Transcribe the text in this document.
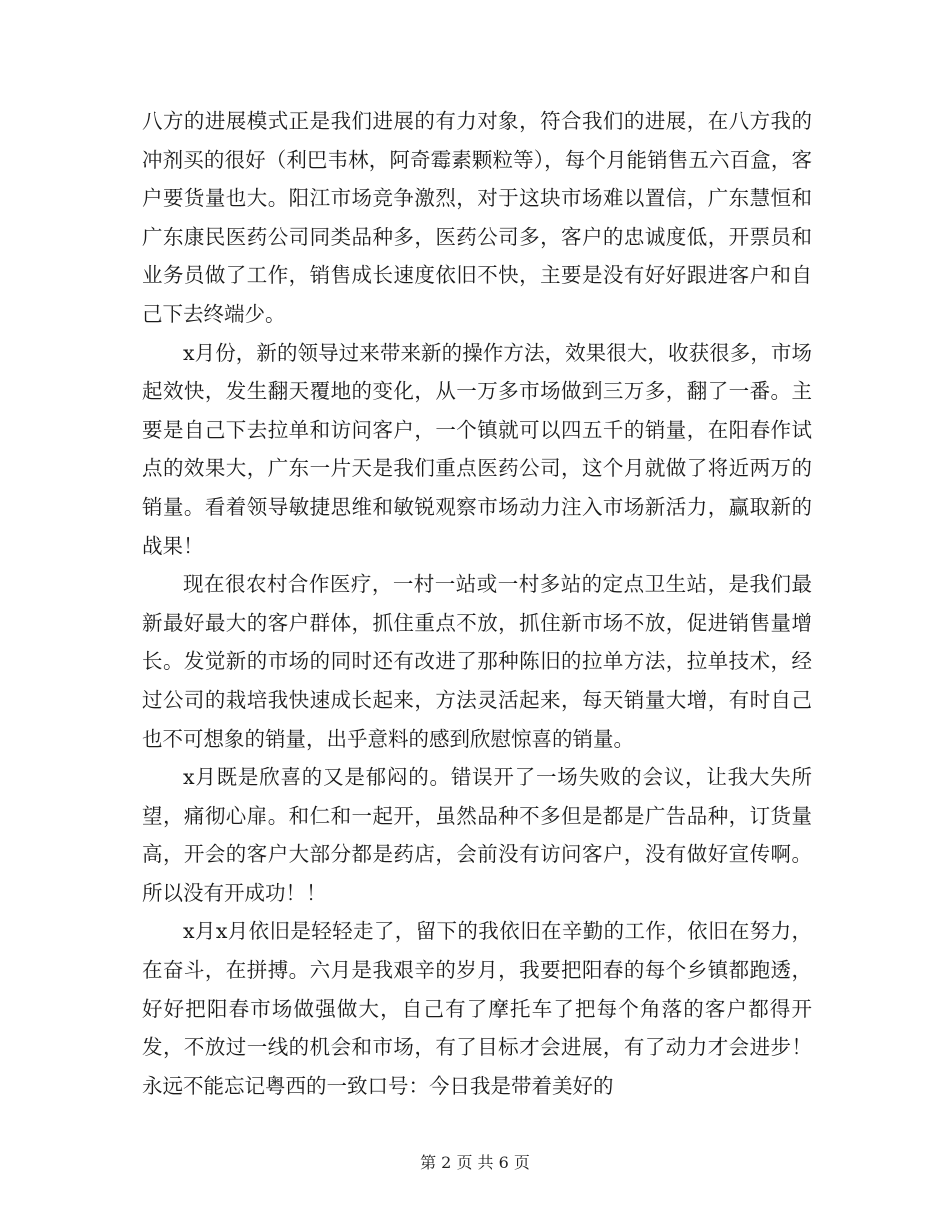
八方的进展模式正是我们进展的有力对象，符合我们的进展，在八方我的冲剂买的很好（利巴韦林，阿奇霉素颗粒等），每个月能销售五六百盒，客户要货量也大。阳江市场竞争激烈，对于这块市场难以置信，广东慧恒和广东康民医药公司同类品种多，医药公司多，客户的忠诚度低，开票员和业务员做了工作，销售成长速度依旧不快，主要是没有好好跟进客户和自己下去终端少。

x月份，新的领导过来带来新的操作方法，效果很大，收获很多，市场起效快，发生翻天覆地的变化，从一万多市场做到三万多，翻了一番。主要是自己下去拉单和访问客户，一个镇就可以四五千的销量，在阳春作试点的效果大，广东一片天是我们重点医药公司，这个月就做了将近两万的销量。看着领导敏捷思维和敏锐观察市场动力注入市场新活力，赢取新的战果！

现在很农村合作医疗，一村一站或一村多站的定点卫生站，是我们最新最好最大的客户群体，抓住重点不放，抓住新市场不放，促进销售量增长。发觉新的市场的同时还有改进了那种陈旧的拉单方法，拉单技术，经过公司的栽培我快速成长起来，方法灵活起来，每天销量大增，有时自己也不可想象的销量，出乎意料的感到欣慰惊喜的销量。

x月既是欣喜的又是郁闷的。错误开了一场失败的会议，让我大失所望，痛彻心扉。和仁和一起开，虽然品种不多但是都是广告品种，订货量高，开会的客户大部分都是药店，会前没有访问客户，没有做好宣传啊。所以没有开成功！！

x月x月依旧是轻轻走了，留下的我依旧在辛勤的工作，依旧在努力，在奋斗，在拼搏。六月是我艰辛的岁月，我要把阳春的每个乡镇都跑透，好好把阳春市场做强做大，自己有了摩托车了把每个角落的客户都得开发，不放过一线的机会和市场，有了目标才会进展，有了动力才会进步！永远不能忘记粤西的一致口号：今日我是带着美好的

第 2 页 共 6 页
